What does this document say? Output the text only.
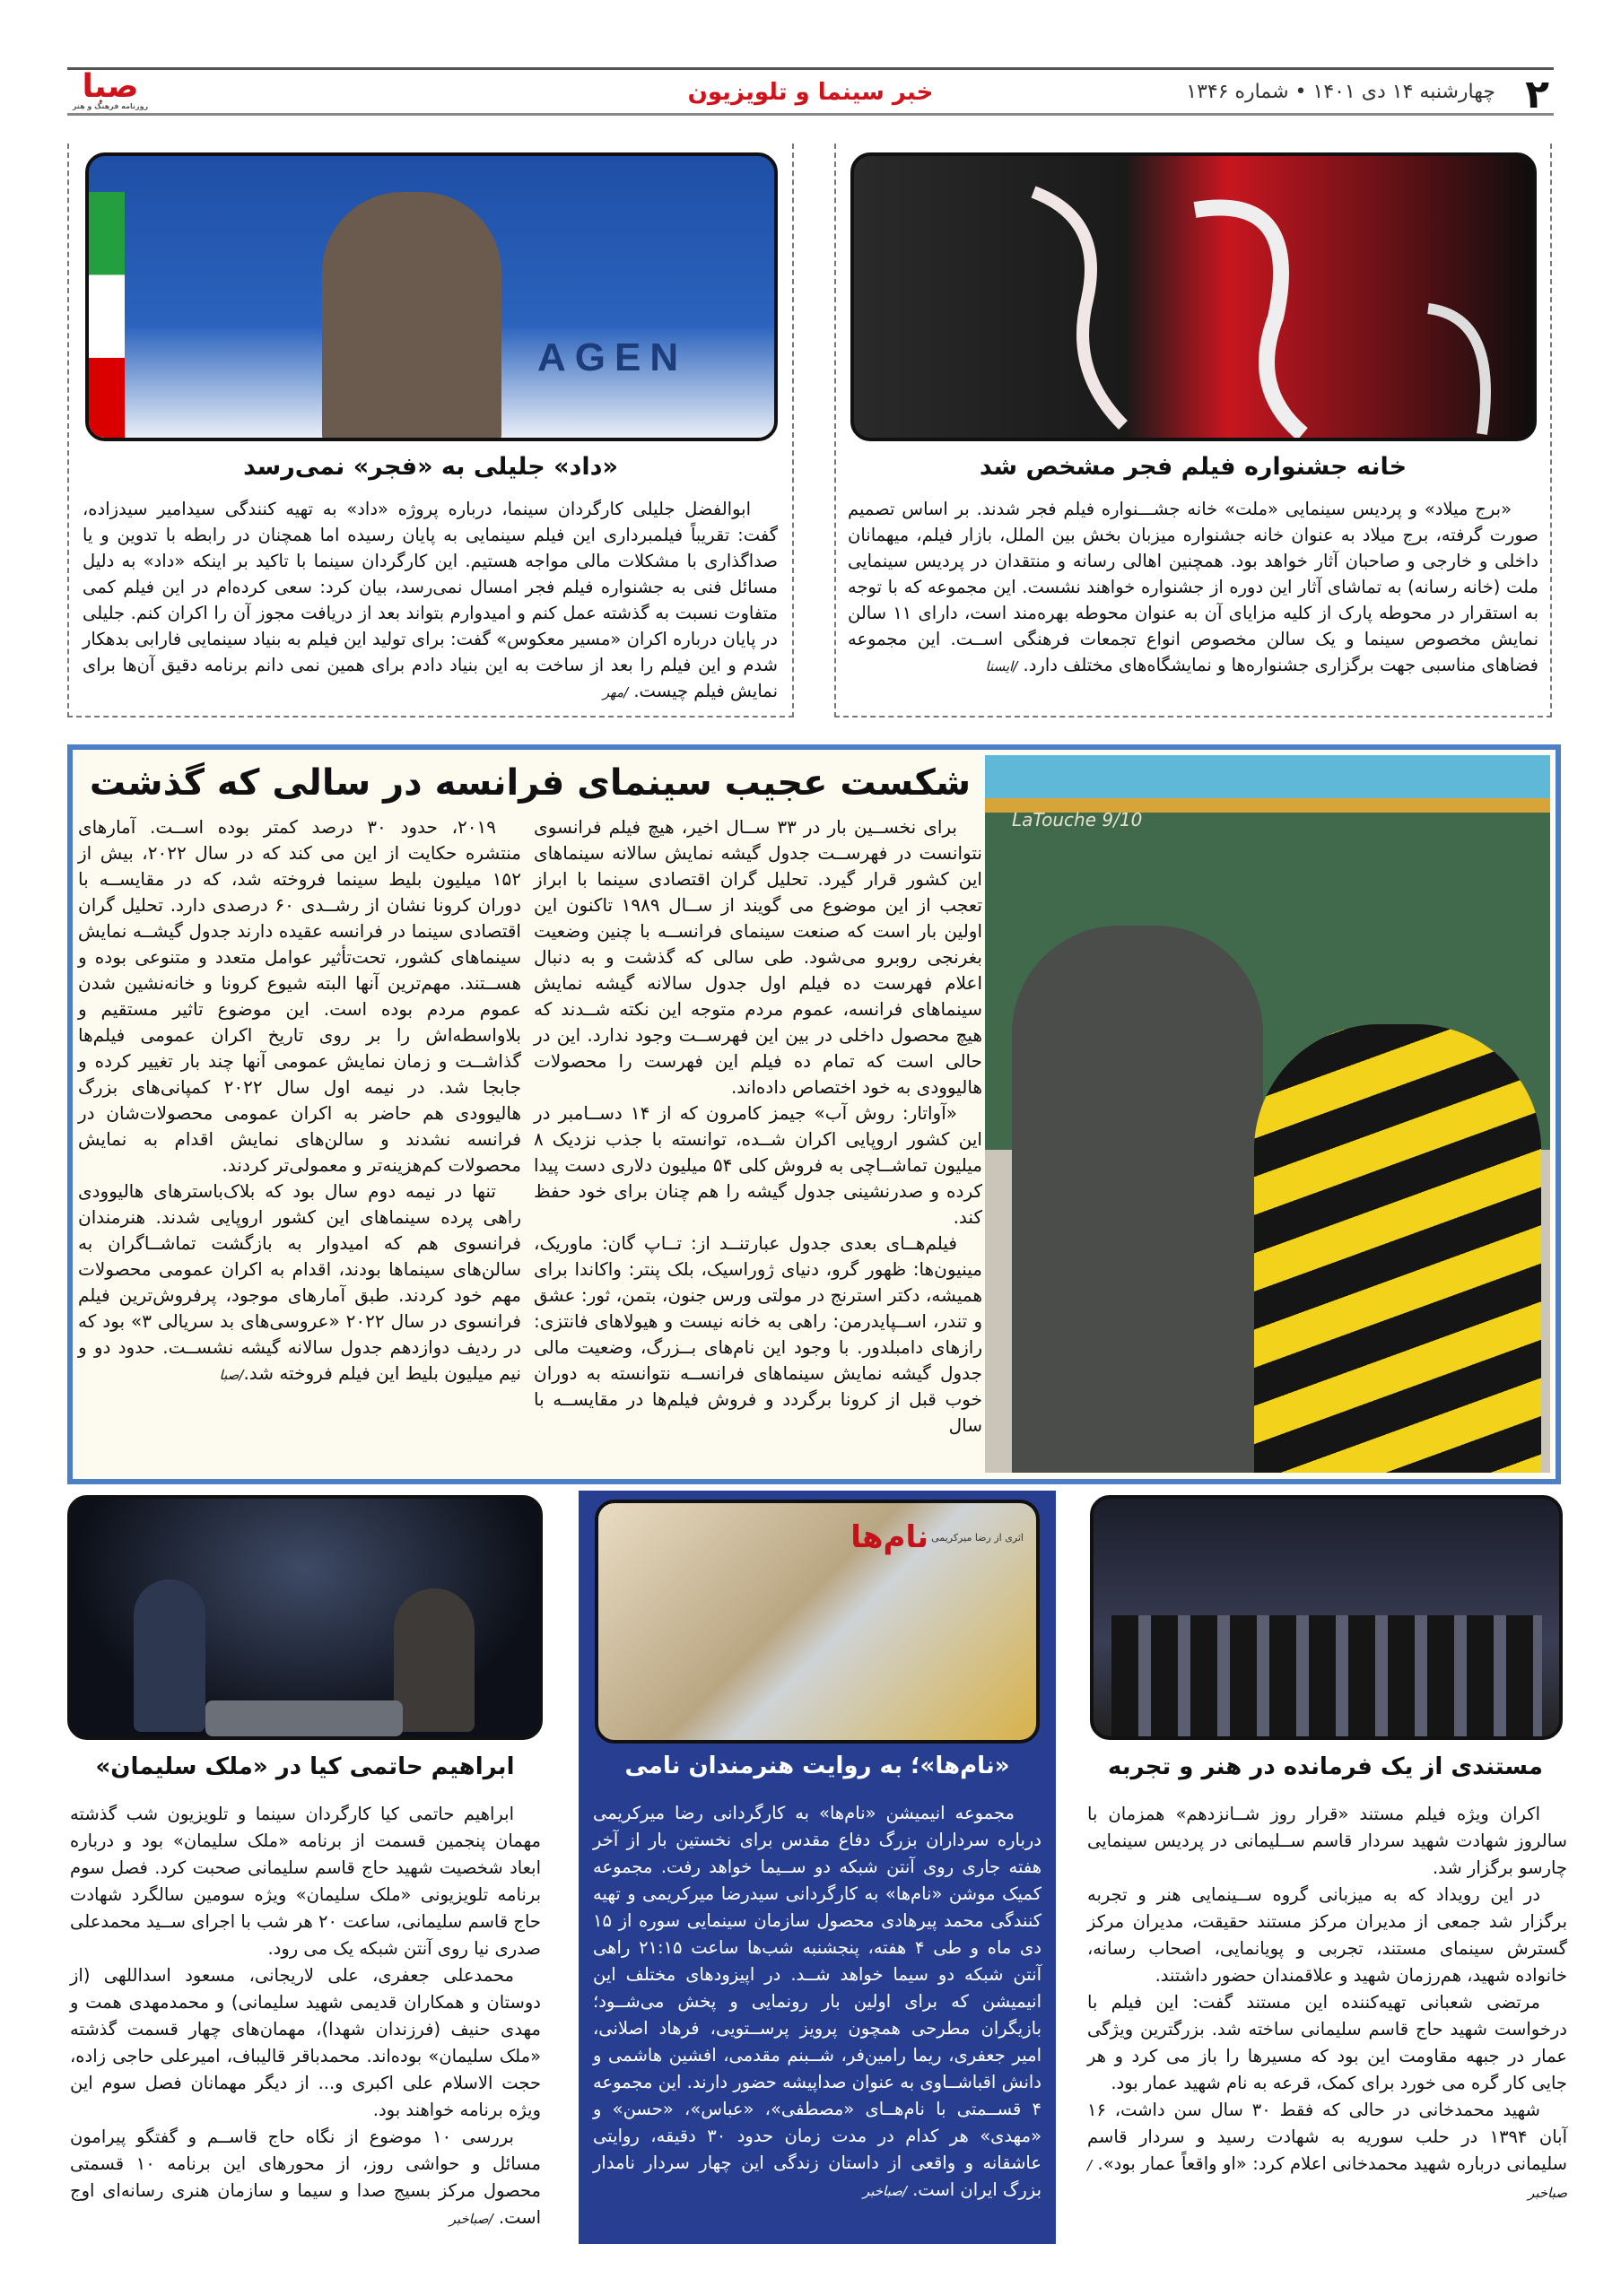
۲
چهارشنبه ۱۴ دی ۱۴۰۱ • شماره ۱۳۴۶
خبر سینما و تلویزیون
صبا
روزنامه فرهنگ و هنر
خانه جشنواره فیلم فجر مشخص شد

«برج میلاد» و پردیس سینمایی «ملت» خانه جشـــنواره فیلم فجر شدند. بر اساس تصمیم صورت گرفته، برج میلاد به عنوان خانه جشنواره میزبان بخش بین الملل، بازار فیلم، میهمانان داخلی و خارجی و صاحبان آثار خواهد بود. همچنین اهالی رسانه و منتقدان در پردیس سینمایی ملت (خانه رسانه) به تماشای آثار این دوره از جشنواره خواهند نشست. این مجموعه که با توجه به استقرار در محوطه پارک از کلیه مزایای آن به عنوان محوطه بهره‌مند است، دارای ۱۱ سالن نمایش مخصوص سینما و یک سالن مخصوص انواع تجمعات فرهنگی اســت. این مجموعه فضاهای مناسبی جهت برگزاری جشنواره‌ها و نمایشگاه‌های مختلف دارد. /ایسنا

AGEN
«داد» جلیلی به «فجر» نمی‌رسد

ابوالفضل جلیلی کارگردان سینما، درباره پروژه «داد» به تهیه کنندگی سیدامیر سیدزاده، گفت: تقریباً فیلمبرداری این فیلم سینمایی به پایان رسیده اما همچنان در رابطه با تدوین و یا صداگذاری با مشکلات مالی مواجه هستیم. این کارگردان سینما با تاکید بر اینکه «داد» به دلیل مسائل فنی به جشنواره فیلم فجر امسال نمی‌رسد، بیان کرد: سعی کرده‌ام در این فیلم کمی متفاوت نسبت به گذشته عمل کنم و امیدوارم بتواند بعد از دریافت مجوز آن را اکران کنم. جلیلی در پایان درباره اکران «مسیر معکوس» گفت: برای تولید این فیلم به بنیاد سینمایی فارابی بدهکار شدم و این فیلم را بعد از ساخت به این بنیاد دادم برای همین نمی دانم برنامه دقیق آن‌ها برای نمایش فیلم چیست. /مهر

LaTouche 9/10
شکست عجیب سینمای فرانسه در سالی که گذشت

برای نخســین بار در ۳۳ ســال اخیر، هیچ فیلم فرانسوی نتوانست در فهرســت جدول گیشه نمایش سالانه سینماهای این کشور قرار گیرد. تحلیل گران اقتصادی سینما با ابراز تعجب از این موضوع می گویند از ســال ۱۹۸۹ تاکنون این اولین بار است که صنعت سینمای فرانســه با چنین وضعیت بغرنجی روبرو می‌شود. طی سالی که گذشت و به دنبال اعلام فهرست ده فیلم اول جدول سالانه گیشه نمایش سینماهای فرانسه، عموم مردم متوجه این نکته شــدند که هیچ محصول داخلی در بین این فهرســت وجود ندارد. این در حالی است که تمام ده فیلم این فهرست را محصولات هالیوودی به خود اختصاص داده‌اند.

«آواتار: روش آب» جیمز کامرون که از ۱۴ دســامبر در این کشور اروپایی اکران شــده، توانسته با جذب نزدیک ۸ میلیون تماشــاچی به فروش کلی ۵۴ میلیون دلاری دست پیدا کرده و صدرنشینی جدول گیشه را هم چنان برای خود حفظ کند.

فیلم‌هــای بعدی جدول عبارتنــد از: تــاپ گان: ماوریک، مینیون‌ها: ظهور گرو، دنیای ژوراسیک، بلک پنتر: واکاندا برای همیشه، دکتر استرنج در مولتی ورس جنون، بتمن، ثور: عشق و تندر، اســپایدرمن: راهی به خانه نیست و هیولاهای فانتزی: رازهای دامبلدور. با وجود این نام‌های بــزرگ، وضعیت مالی جدول گیشه نمایش سینماهای فرانســه نتوانسته به دوران خوب قبل از کرونا برگردد و فروش فیلم‌ها در مقایســه با سال

۲۰۱۹، حدود ۳۰ درصد کمتر بوده اســت. آمارهای منتشره حکایت از این می کند که در سال ۲۰۲۲، بیش از ۱۵۲ میلیون بلیط سینما فروخته شد، که در مقایســه با دوران کرونا نشان از رشــدی ۶۰ درصدی دارد. تحلیل گران اقتصادی سینما در فرانسه عقیده دارند جدول گیشــه نمایش سینماهای کشور، تحت‌تأثیر عوامل متعدد و متنوعی بوده و هســتند. مهم‌ترین آنها البته شیوع کرونا و خانه‌نشین شدن عموم مردم بوده است. این موضوع تاثیر مستقیم و بلاواسطه‌اش را بر روی تاریخ اکران عمومی فیلم‌ها گذاشــت و زمان نمایش عمومی آنها چند بار تغییر کرده و جابجا شد. در نیمه اول سال ۲۰۲۲ کمپانی‌های بزرگ هالیوودی هم حاضر به اکران عمومی محصولات‌شان در فرانسه نشدند و سالن‌های نمایش اقدام به نمایش محصولات کم‌هزینه‌تر و معمولی‌تر کردند.

تنها در نیمه دوم سال بود که بلاک‌باسترهای هالیوودی راهی پرده سینماهای این کشور اروپایی شدند. هنرمندان فرانسوی هم که امیدوار به بازگشت تماشــاگران به سالن‌های سینماها بودند، اقدام به اکران عمومی محصولات مهم خود کردند. طبق آمارهای موجود، پرفروش‌ترین فیلم فرانسوی در سال ۲۰۲۲ «عروسی‌های بد سریالی ۳» بود که در ردیف دوازدهم جدول سالانه گیشه نشســت. حدود دو و نیم میلیون بلیط این فیلم فروخته شد./صبا

مستندی از یک فرمانده در هنر و تجربه

اکران ویژه فیلم مستند «قرار روز شــانزدهم» همزمان با سالروز شهادت شهید سردار قاسم ســلیمانی در پردیس سینمایی چارسو برگزار شد.

در این رویداد که به میزبانی گروه ســینمایی هنر و تجربه برگزار شد جمعی از مدیران مرکز مستند حقیقت، مدیران مرکز گسترش سینمای مستند، تجربی و پویانمایی، اصحاب رسانه، خانواده شهید، هم‌رزمان شهید و علاقمندان حضور داشتند.

مرتضی شعبانی تهیه‌کننده این مستند گفت: این فیلم با درخواست شهید حاج قاسم سلیمانی ساخته شد. بزرگترین ویژگی عمار در جبهه مقاومت این بود که مسیرها را باز می کرد و هر جایی کار گره می خورد برای کمک، قرعه به نام شهید عمار بود.

شهید محمدخانی در حالی که فقط ۳۰ سال سن داشت، ۱۶ آبان ۱۳۹۴ در حلب سوریه به شهادت رسید و سردار قاسم سلیمانی درباره شهید محمدخانی اعلام کرد: «او واقعاً عمار بود». /صباخبر

نام‌ها اثری از رضا میرکریمی
«نام‌ها»؛ به روایت هنرمندان نامی

مجموعه انیمیشن «نام‌ها» به کارگردانی رضا میرکریمی درباره سرداران بزرگ دفاع مقدس برای نخستین بار از آخر هفته جاری روی آنتن شبکه دو ســیما خواهد رفت. مجموعه کمیک موشن «نام‌ها» به کارگردانی سیدرضا میرکریمی و تهیه کنندگی محمد پیرهادی محصول سازمان سینمایی سوره از ۱۵ دی ماه و طی ۴ هفته، پنجشنبه شب‌ها ساعت ۲۱:۱۵ راهی آنتن شبکه دو سیما خواهد شــد. در اپیزودهای مختلف این انیمیشن که برای اولین بار رونمایی و پخش می‌شــود؛ بازیگران مطرحی همچون پرویز پرســتویی، فرهاد اصلانی، امیر جعفری، ریما رامین‌فر، شــبنم مقدمی، افشین هاشمی و دانش اقباشــاوی به عنوان صداپیشه حضور دارند. این مجموعه ۴ قســمتی با نام‌هــای «مصطفی»، «عباس»، «حسن» و «مهدی» هر کدام در مدت زمان حدود ۳۰ دقیقه، روایتی عاشقانه و واقعی از داستان زندگی این چهار سردار نامدار بزرگ ایران است. /صباخبر

ابراهیم حاتمی کیا در «ملک سلیمان»

ابراهیم حاتمی کیا کارگردان سینما و تلویزیون شب گذشته مهمان پنجمین قسمت از برنامه «ملک سلیمان» بود و درباره ابعاد شخصیت شهید حاج قاسم سلیمانی صحبت کرد. فصل سوم برنامه تلویزیونی «ملک سلیمان» ویژه سومین سالگرد شهادت حاج قاسم سلیمانی، ساعت ۲۰ هر شب با اجرای ســید محمدعلی صدری نیا روی آنتن شبکه یک می رود.

محمدعلی جعفری، علی لاریجانی، مسعود اسداللهی (از دوستان و همکاران قدیمی شهید سلیمانی) و محمدمهدی همت و مهدی حنیف (فرزندان شهدا)، مهمان‌های چهار قسمت گذشته «ملک سلیمان» بوده‌اند. محمدباقر قالیباف، امیرعلی حاجی زاده، حجت الاسلام علی اکبری و... از دیگر مهمانان فصل سوم این ویژه برنامه خواهند بود.

بررسی ۱۰ موضوع از نگاه حاج قاســم و گفتگو پیرامون مسائل و حواشی روز، از محورهای این برنامه ۱۰ قسمتی محصول مرکز بسیج صدا و سیما و سازمان هنری رسانه‌ای اوج است. /صباخبر
